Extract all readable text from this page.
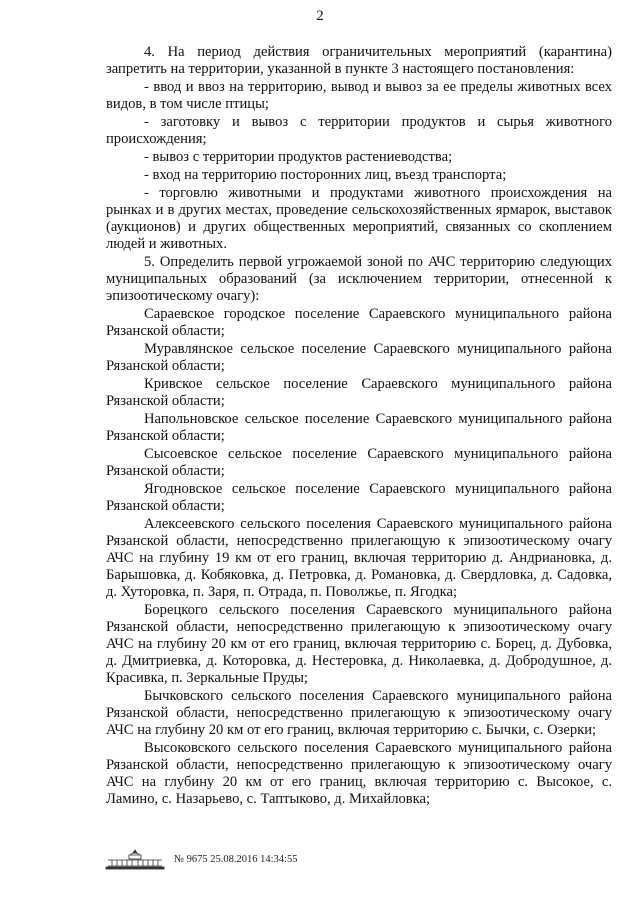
2

4. На период действия ограничительных мероприятий (карантина) запретить на территории, указанной в пункте 3 настоящего постановления:

- ввод и ввоз на территорию, вывод и вывоз за ее пределы животных всех видов, в том числе птицы;

- заготовку и вывоз с территории продуктов и сырья животного происхождения;

- вывоз с территории продуктов растениеводства;

- вход на территорию посторонних лиц, въезд транспорта;

- торговлю животными и продуктами животного происхождения на рынках и в других местах, проведение сельскохозяйственных ярмарок, выставок (аукционов) и других общественных мероприятий, связанных со скоплением людей и животных.

5. Определить первой угрожаемой зоной по АЧС территорию следующих муниципальных образований (за исключением территории, отнесенной к эпизоотическому очагу):

Сараевское городское поселение Сараевского муниципального района Рязанской области;

Муравлянское сельское поселение Сараевского муниципального района Рязанской области;

Кривское сельское поселение Сараевского муниципального района Рязанской области;

Напольновское сельское поселение Сараевского муниципального района Рязанской области;

Сысоевское сельское поселение Сараевского муниципального района Рязанской области;

Ягодновское сельское поселение Сараевского муниципального района Рязанской области;

Алексеевского сельского поселения Сараевского муниципального района Рязанской области, непосредственно прилегающую к эпизоотическому очагу АЧС на глубину 19 км от его границ, включая территорию д. Андриановка, д. Барышовка, д. Кобяковка, д. Петровка, д. Романовка, д. Свердловка, д. Садовка, д. Хуторовка, п. Заря, п. Отрада, п. Поволжье, п. Ягодка;

Борецкого сельского поселения Сараевского муниципального района Рязанской области, непосредственно прилегающую к эпизоотическому очагу АЧС на глубину 20 км от его границ, включая территорию с. Борец, д. Дубовка, д. Дмитриевка, д. Которовка, д. Нестеровка, д. Николаевка, д. Добродушное, д. Красивка, п. Зеркальные Пруды;

Бычковского сельского поселения Сараевского муниципального района Рязанской области, непосредственно прилегающую к эпизоотическому очагу АЧС на глубину 20 км от его границ, включая территорию с. Бычки, с. Озерки;

Высоковского сельского поселения Сараевского муниципального района Рязанской области, непосредственно прилегающую к эпизоотическому очагу АЧС на глубину 20 км от его границ, включая территорию с. Высокое, с. Ламино, с. Назарьево, с. Таптыково, д. Михайловка;

№ 9675 25.08.2016 14:34:55
